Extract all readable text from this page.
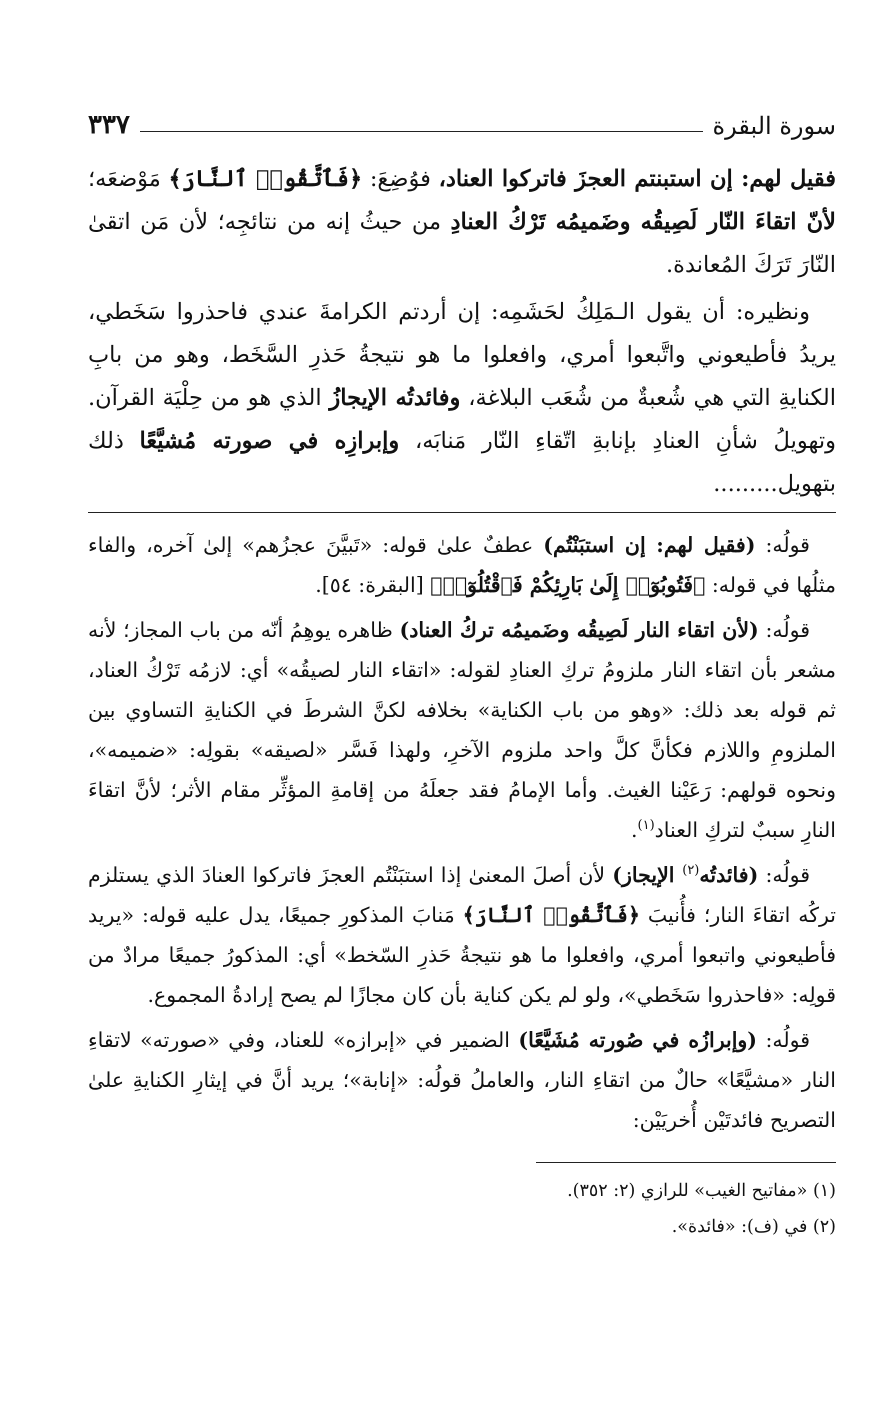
سورة البقرة
٣٣٧

فقيل لهم: إن استبنتم العجزَ فاتركوا العناد، فوُضِعَ: ﴿فَٱتَّقُوا۟ ٱلنَّارَ﴾ مَوْضعَه؛ لأنّ اتقاءَ النّار لَصِيقُه وضَميمُه تَرْكُ العنادِ من حيثُ إنه من نتائجِه؛ لأن مَن اتقىٰ النّارَ تَرَكَ المُعاندة.

ونظيره: أن يقول الـمَلِكُ لحَشَمِه: إن أردتم الكرامةَ عندي فاحذروا سَخَطي، يريدُ فأطيعوني واتَّبعوا أمري، وافعلوا ما هو نتيجةُ حَذرِ السَّخَط، وهو من بابِ الكنايةِ التي هي شُعبةٌ من شُعَب البلاغة، وفائدتُه الإيجازُ الذي هو من حِلْيَة القرآن. وتهويلُ شأنِ العنادِ بإنابةِ اتّقاءِ النّار مَنابَه، وإبرازِه في صورته مُشيَّعًا ذلك بتهويل.........

قولُه: (فقيل لهم: إن استبَنْتُم) عطفٌ علىٰ قوله: «تَبيَّنَ عجزُهم» إلىٰ آخره، والفاء مثلُها في قوله: ﴿فَتُوبُوٓا۟ إِلَىٰ بَارِئِكُمْ فَٱقْتُلُوٓا۟﴾ [البقرة: ٥٤].

قولُه: (لأن اتقاء النار لَصِيقُه وضَميمُه تركُ العناد) ظاهره يوهِمُ أنّه من باب المجاز؛ لأنه مشعر بأن اتقاء النار ملزومُ تركِ العنادِ لقوله: «اتقاء النار لصيقُه» أي: لازمُه تَرْكُ العناد، ثم قوله بعد ذلك: «وهو من باب الكناية» بخلافه لكنَّ الشرطَ في الكنايةِ التساوي بين الملزومِ واللازم فكأنَّ كلَّ واحد ملزوم الآخرِ، ولهذا فَسَّر «لصيقه» بقولِه: «ضميمه»، ونحوه قولهم: رَعَيْنا الغيث. وأما الإمامُ فقد جعلَهُ من إقامةِ المؤثِّر مقام الأثر؛ لأنَّ اتقاءَ النارِ سببٌ لتركِ العناد$^{(١)}$.

قولُه: (فائدتُه$^{(٢)}$ الإيجاز) لأن أصلَ المعنىٰ إذا استبَنْتُم العجزَ فاتركوا العنادَ الذي يستلزم تركُه اتقاءَ النار؛ فأُنيبَ ﴿فَٱتَّقُوا۟ ٱلنَّارَ﴾ مَنابَ المذكورِ جميعًا، يدل عليه قوله: «يريد فأطيعوني واتبعوا أمري، وافعلوا ما هو نتيجةُ حَذرِ السّخط» أي: المذكورُ جميعًا مرادٌ من قولِه: «فاحذروا سَخَطي»، ولو لم يكن كناية بأن كان مجازًا لم يصح إرادةُ المجموع.

قولُه: (وإبرازُه في صُورته مُشَيَّعًا) الضمير في «إبرازه» للعناد، وفي «صورته» لاتقاءِ النار «مشيَّعًا» حالٌ من اتقاءِ النار، والعاملُ قولُه: «إنابة»؛ يريد أنَّ في إيثارِ الكنايةِ علىٰ التصريح فائدتَيْن أُخريَيْن:

(١) «مفاتيح الغيب» للرازي (٢: ٣٥٢).

(٢) في (ف): «فائدة».
